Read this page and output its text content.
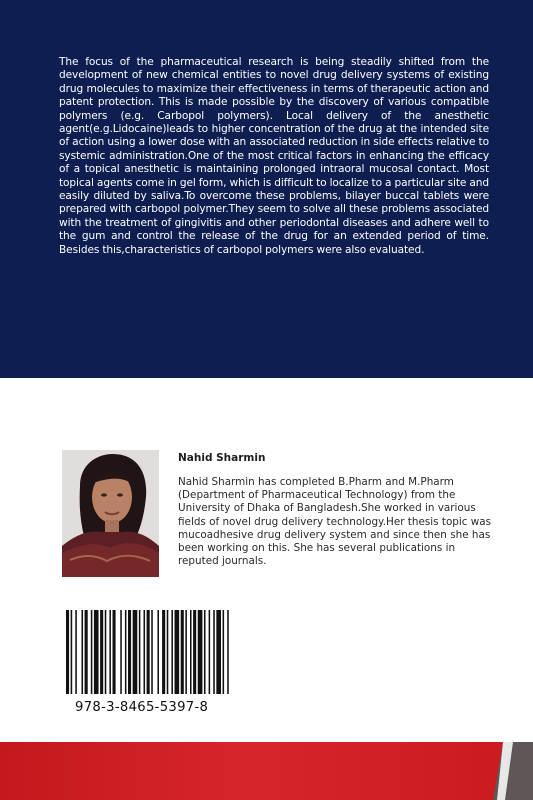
The focus of the pharmaceutical research is being steadily shifted from the development of new chemical entities to novel drug delivery systems of existing drug molecules to maximize their effectiveness in terms of therapeutic action and patent protection. This is made possible by the discovery of various compatible polymers (e.g. Carbopol polymers). Local delivery of the anesthetic agent(e.g.Lidocaine)leads to higher concentration of the drug at the intended site of action using a lower dose with an associated reduction in side effects relative to systemic administration.One of the most critical factors in enhancing the efficacy of a topical anesthetic is maintaining prolonged intraoral mucosal contact. Most topical agents come in gel form, which is difficult to localize to a particular site and easily diluted by saliva.To overcome these problems, bilayer buccal tablets were prepared with carbopol polymer.They seem to solve all these problems associated with the treatment of gingivitis and other periodontal diseases and adhere well to the gum and control the release of the drug for an extended period of time. Besides this,characteristics of carbopol polymers were also evaluated.

Nahid Sharmin

Nahid Sharmin has completed B.Pharm and M.Pharm (Department of Pharmaceutical Technology) from the University of Dhaka of Bangladesh.She worked in various fields of novel drug delivery technology.Her thesis topic was mucoadhesive drug delivery system and since then she has been working on this. She has several publications in reputed journals.

978-3-8465-5397-8
